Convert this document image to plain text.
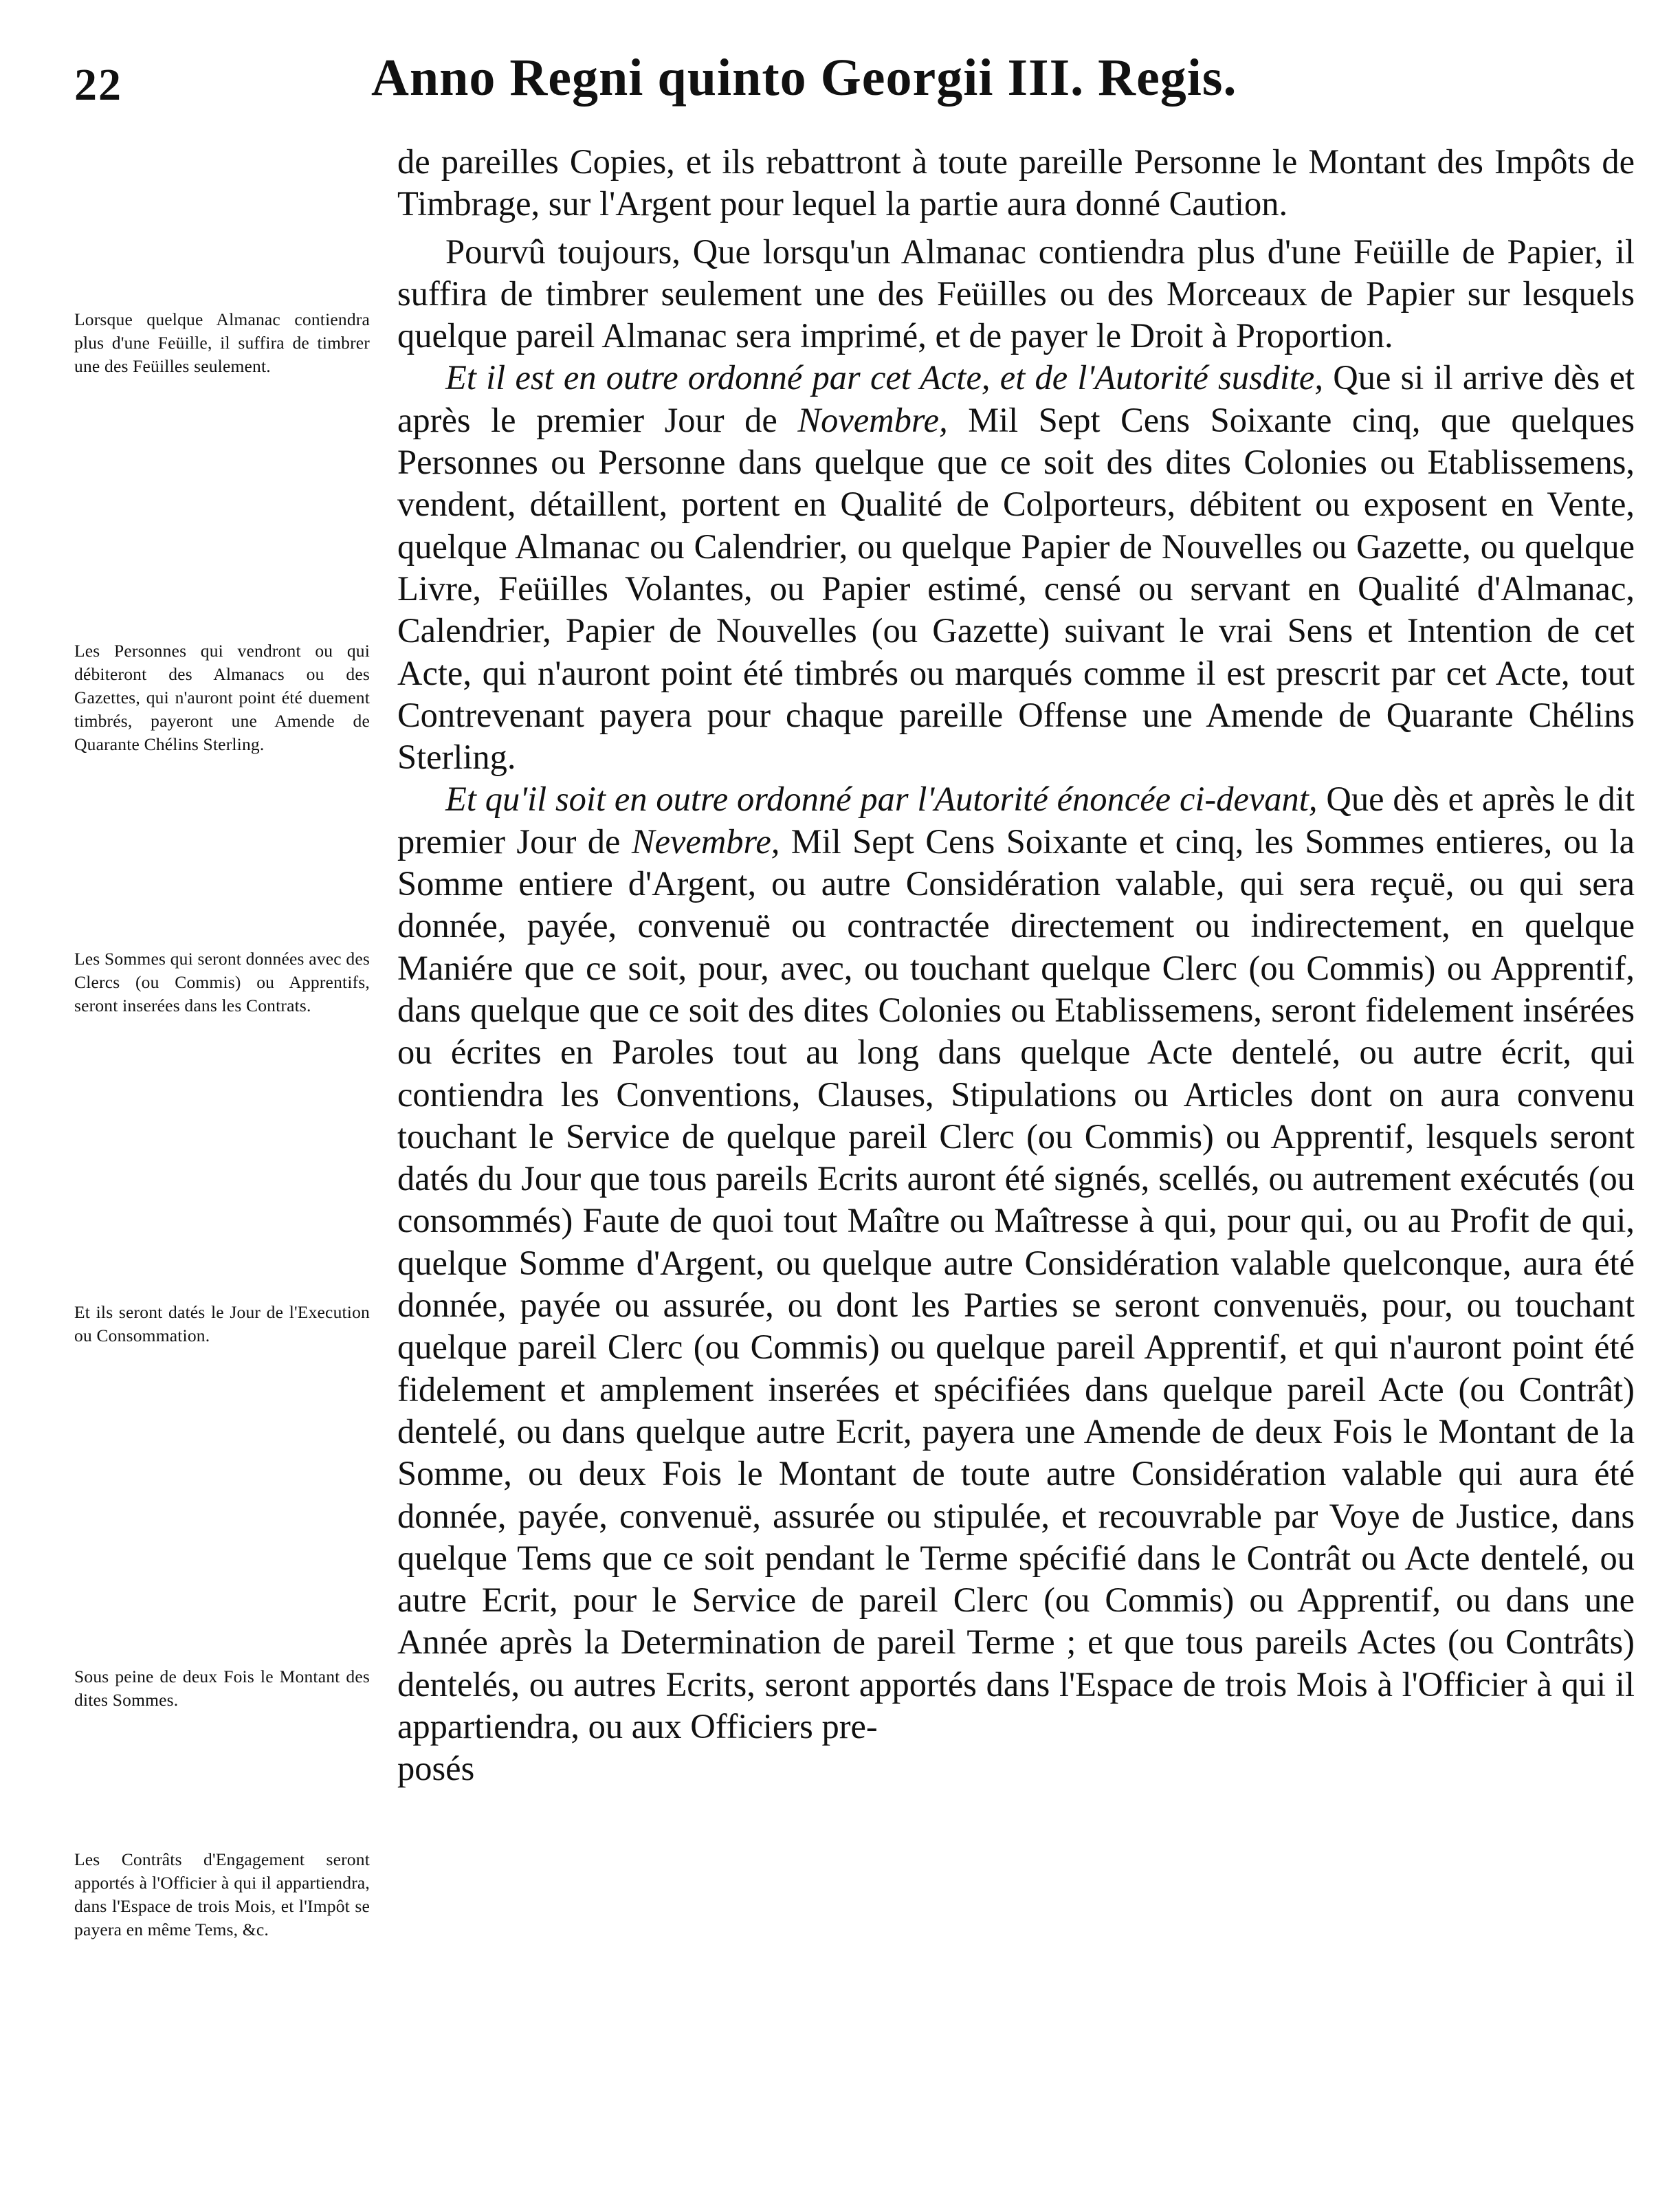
22	Anno Regni quinto Georgii III. Regis.
Lorsque quelque Almanac contiendra plus d'une Feüille, il suffira de timbrer une des Feüilles seulement.
Les Personnes qui vendront ou qui débiteront des Almanacs ou des Gazettes, qui n'auront point été duement timbrés, payeront une Amende de Quarante Chélins Sterling.
Les Sommes qui seront données avec des Clercs (ou Commis) ou Apprentifs, seront inserées dans les Contrats.
Et ils seront datés le Jour de l'Execution ou Consommation.
Sous peine de deux Fois le Montant des dites Sommes.
Les Contrâts d'Engagement seront apportés à l'Officier à qui il appartiendra, dans l'Espace de trois Mois, et l'Impôt se payera en même Tems, &c.

de pareilles Copies, et ils rebattront à toute pareille Personne le Montant des Impôts de Timbrage, sur l'Argent pour lequel la partie aura donné Caution.

Pourvû toujours, Que lorsqu'un Almanac contiendra plus d'une Feüille de Papier, il suffira de timbrer seulement une des Feüilles ou des Morceaux de Papier sur lesquels quelque pareil Almanac sera imprimé, et de payer le Droit à Proportion.

Et il est en outre ordonné par cet Acte, et de l'Autorité susdite, Que si il arrive dès et après le premier Jour de Novembre, Mil Sept Cens Soixante cinq, que quelques Personnes ou Personne dans quelque que ce soit des dites Colonies ou Etablissemens, vendent, détaillent, portent en Qualité de Colporteurs, débitent ou exposent en Vente, quelque Almanac ou Calendrier, ou quelque Papier de Nouvelles ou Gazette, ou quelque Livre, Feüilles Volantes, ou Papier estimé, censé ou servant en Qualité d'Almanac, Calendrier, Papier de Nouvelles (ou Gazette) suivant le vrai Sens et Intention de cet Acte, qui n'auront point été timbrés ou marqués comme il est prescrit par cet Acte, tout Contrevenant payera pour chaque pareille Offense une Amende de Quarante Chélins Sterling.

Et qu'il soit en outre ordonné par l'Autorité énoncée ci-devant, Que dès et après le dit premier Jour de Nevembre, Mil Sept Cens Soixante et cinq, les Sommes entieres, ou la Somme entiere d'Argent, ou autre Considération valable, qui sera reçuë, ou qui sera donnée, payée, convenuë ou contractée directement ou indirectement, en quelque Maniére que ce soit, pour, avec, ou touchant quelque Clerc (ou Commis) ou Apprentif, dans quelque que ce soit des dites Colonies ou Etablissemens, seront fidelement insérées ou écrites en Paroles tout au long dans quelque Acte dentelé, ou autre écrit, qui contiendra les Conventions, Clauses, Stipulations ou Articles dont on aura convenu touchant le Service de quelque pareil Clerc (ou Commis) ou Apprentif, lesquels seront datés du Jour que tous pareils Ecrits auront été signés, scellés, ou autrement exécutés (ou consommés) Faute de quoi tout Maître ou Maîtresse à qui, pour qui, ou au Profit de qui, quelque Somme d'Argent, ou quelque autre Considération valable quelconque, aura été donnée, payée ou assurée, ou dont les Parties se seront convenuës, pour, ou touchant quelque pareil Clerc (ou Commis) ou quelque pareil Apprentif, et qui n'auront point été fidelement et amplement inserées et spécifiées dans quelque pareil Acte (ou Contrât) dentelé, ou dans quelque autre Ecrit, payera une Amende de deux Fois le Montant de la Somme, ou deux Fois le Montant de toute autre Considération valable qui aura été donnée, payée, convenuë, assurée ou stipulée, et recouvrable par Voye de Justice, dans quelque Tems que ce soit pendant le Terme spécifié dans le Contrât ou Acte dentelé, ou autre Ecrit, pour le Service de pareil Clerc (ou Commis) ou Apprentif, ou dans une Année après la Determination de pareil Terme ; et que tous pareils Actes (ou Contrâts) dentelés, ou autres Ecrits, seront apportés dans l'Espace de trois Mois à l'Officier à qui il appartiendra, ou aux Officiers pre-

posés
